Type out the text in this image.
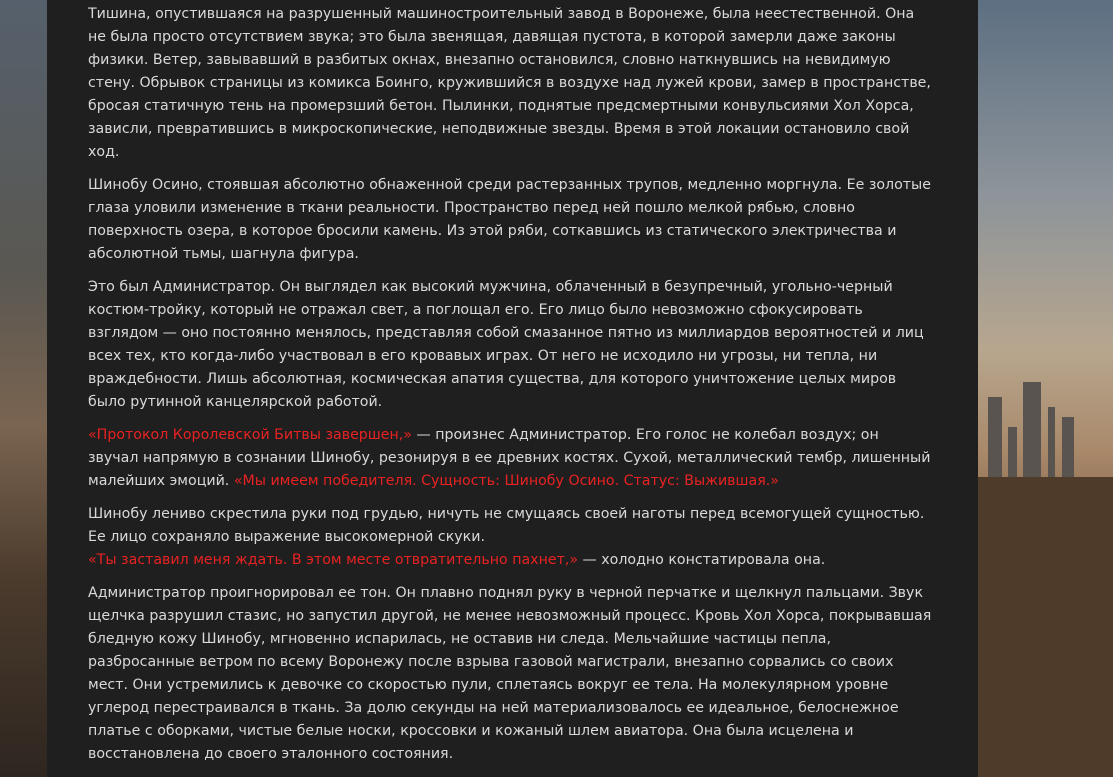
Тишина, опустившаяся на разрушенный машиностроительный завод в Воронеже, была неестественной. Она не была просто отсутствием звука; это была звенящая, давящая пустота, в которой замерли даже законы физики. Ветер, завывавший в разбитых окнах, внезапно остановился, словно наткнувшись на невидимую стену. Обрывок страницы из комикса Боинго, кружившийся в воздухе над лужей крови, замер в пространстве, бросая статичную тень на промерзший бетон. Пылинки, поднятые предсмертными конвульсиями Хол Хорса, зависли, превратившись в микроскопические, неподвижные звезды. Время в этой локации остановило свой ход.

Шинобу Осино, стоявшая абсолютно обнаженной среди растерзанных трупов, медленно моргнула. Ее золотые глаза уловили изменение в ткани реальности. Пространство перед ней пошло мелкой рябью, словно поверхность озера, в которое бросили камень. Из этой ряби, соткавшись из статического электричества и абсолютной тьмы, шагнула фигура.

Это был Администратор. Он выглядел как высокий мужчина, облаченный в безупречный, угольно-черный костюм-тройку, который не отражал свет, а поглощал его. Его лицо было невозможно сфокусировать взглядом — оно постоянно менялось, представляя собой смазанное пятно из миллиардов вероятностей и лиц всех тех, кто когда-либо участвовал в его кровавых играх. От него не исходило ни угрозы, ни тепла, ни враждебности. Лишь абсолютная, космическая апатия существа, для которого уничтожение целых миров было рутинной канцелярской работой.

«Протокол Королевской Битвы завершен,» — произнес Администратор. Его голос не колебал воздух; он звучал напрямую в сознании Шинобу, резонируя в ее древних костях. Сухой, металлический тембр, лишенный малейших эмоций. «Мы имеем победителя. Сущность: Шинобу Осино. Статус: Выжившая.»

Шинобу лениво скрестила руки под грудью, ничуть не смущаясь своей наготы перед всемогущей сущностью. Ее лицо сохраняло выражение высокомерной скуки.
«Ты заставил меня ждать. В этом месте отвратительно пахнет,» — холодно констатировала она.

Администратор проигнорировал ее тон. Он плавно поднял руку в черной перчатке и щелкнул пальцами. Звук щелчка разрушил стазис, но запустил другой, не менее невозможный процесс. Кровь Хол Хорса, покрывавшая бледную кожу Шинобу, мгновенно испарилась, не оставив ни следа. Мельчайшие частицы пепла, разбросанные ветром по всему Воронежу после взрыва газовой магистрали, внезапно сорвались со своих мест. Они устремились к девочке со скоростью пули, сплетаясь вокруг ее тела. На молекулярном уровне углерод перестраивался в ткань. За долю секунды на ней материализовалось ее идеальное, белоснежное платье с оборками, чистые белые носки, кроссовки и кожаный шлем авиатора. Она была исцелена и восстановлена до своего эталонного состояния.
